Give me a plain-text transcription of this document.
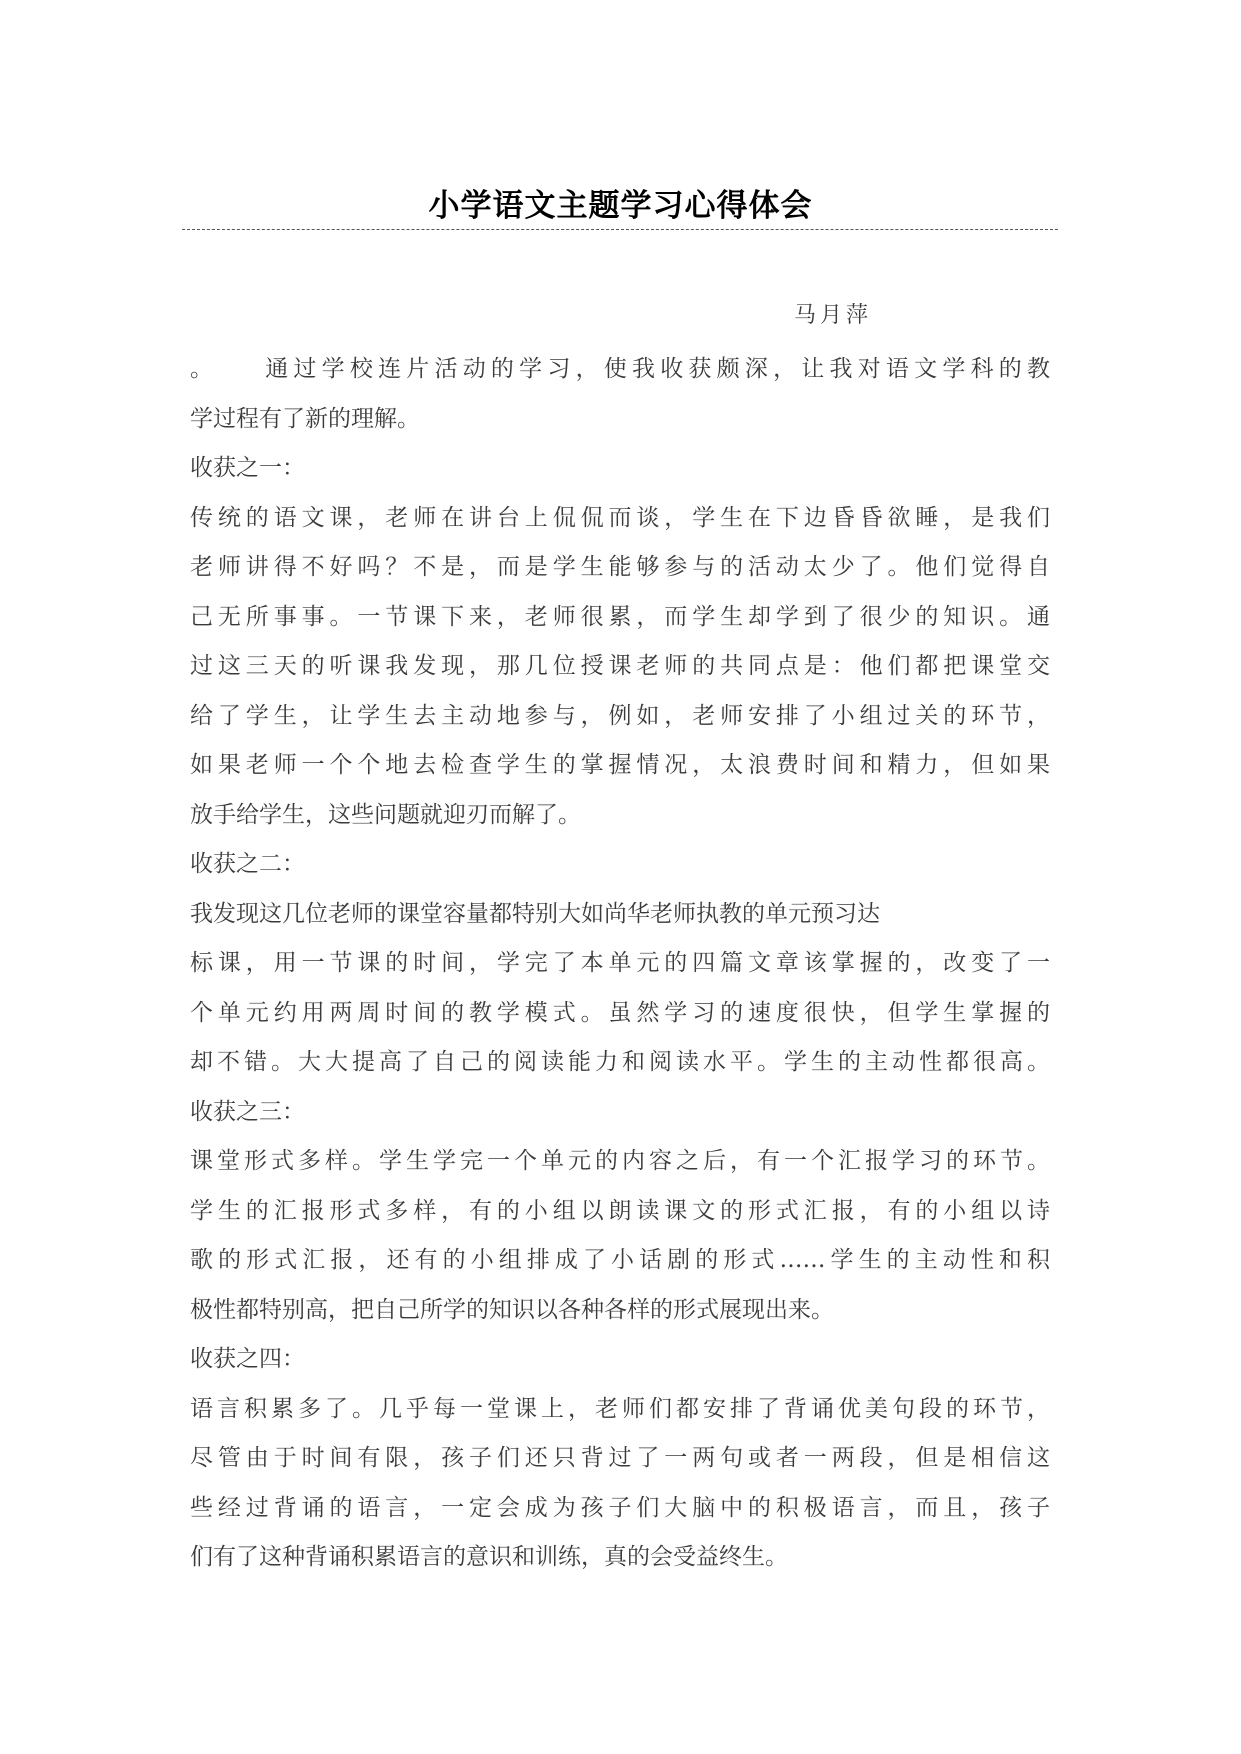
小学语文主题学习心得体会
马月萍
。 通过学校连片活动的学习，使我收获颇深，让我对语文学科的教
学过程有了新的理解。
收获之一：
传统的语文课，老师在讲台上侃侃而谈，学生在下边昏昏欲睡，是我们
老师讲得不好吗？不是，而是学生能够参与的活动太少了。他们觉得自
己无所事事。一节课下来，老师很累，而学生却学到了很少的知识。通
过这三天的听课我发现，那几位授课老师的共同点是：他们都把课堂交
给了学生，让学生去主动地参与，例如，老师安排了小组过关的环节，
如果老师一个个地去检查学生的掌握情况，太浪费时间和精力，但如果
放手给学生，这些问题就迎刃而解了。
收获之二：
我发现这几位老师的课堂容量都特别大如尚华老师执教的单元预习达
标课，用一节课的时间，学完了本单元的四篇文章该掌握的，改变了一
个单元约用两周时间的教学模式。虽然学习的速度很快，但学生掌握的
却不错。大大提高了自己的阅读能力和阅读水平。学生的主动性都很高。
收获之三：
课堂形式多样。学生学完一个单元的内容之后，有一个汇报学习的环节。
学生的汇报形式多样，有的小组以朗读课文的形式汇报，有的小组以诗
歌的形式汇报，还有的小组排成了小话剧的形式……学生的主动性和积
极性都特别高，把自己所学的知识以各种各样的形式展现出来。
收获之四：
语言积累多了。几乎每一堂课上，老师们都安排了背诵优美句段的环节，
尽管由于时间有限，孩子们还只背过了一两句或者一两段，但是相信这
些经过背诵的语言，一定会成为孩子们大脑中的积极语言，而且，孩子
们有了这种背诵积累语言的意识和训练，真的会受益终生。
